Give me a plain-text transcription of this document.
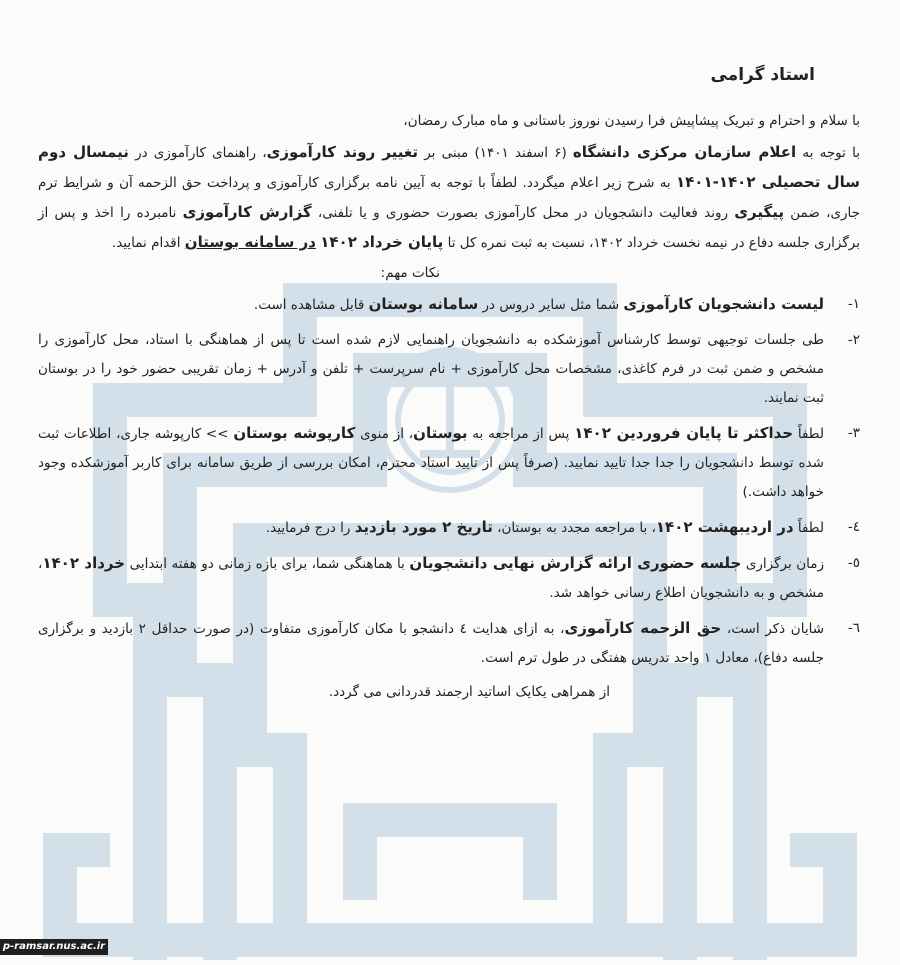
استاد گرامی

با سلام و احترام و تبریک پیشاپیش فرا رسیدن نوروز باستانی و ماه مبارک رمضان،

با توجه به اعلام سازمان مرکزی دانشگاه (۶ اسفند ۱۴۰۱) مبنی بر تغییر روند کارآموزی، راهنمای کارآموزی در نیمسال دوم سال تحصیلی ۱۴۰۲-۱۴۰۱ به شرح زیر اعلام میگردد. لطفاً با توجه به آیین نامه برگزاری کارآموزی و پرداخت حق الزحمه آن و شرایط ترم جاری، ضمن پیگیری روند فعالیت دانشجویان در محل کارآموزی بصورت حضوری و یا تلفنی، گزارش کارآموزی نامبرده را اخذ و پس از برگزاری جلسه دفاع در نیمه نخست خرداد ۱۴۰۲، نسبت به ثبت نمره کل تا پایان خرداد ۱۴۰۲ در سامانه بوستان اقدام نمایید.

نکات مهم:
۱-
لیست دانشجویان کارآموزی شما مثل سایر دروس در سامانه بوستان قابل مشاهده است.
۲-
طی جلسات توجیهی توسط کارشناس آموزشکده به دانشجویان راهنمایی لازم شده است تا پس از هماهنگی با استاد، محل کارآموزی را مشخص و ضمن ثبت در فرم کاغذی، مشخصات محل کارآموزی + نام سرپرست + تلفن و آدرس + زمان تقریبی حضور خود را در بوستان ثبت نمایند.
۳-
لطفاً حداکثر تا پایان فروردین ۱۴۰۲ پس از مراجعه به بوستان، از منوی کارپوشه بوستان >> کارپوشه جاری، اطلاعات ثبت شده توسط دانشجویان را جدا جدا تایید نمایید. (صرفاً پس از تایید استاد محترم، امکان بررسی از طریق سامانه برای کاربر آموزشکده وجود خواهد داشت.)
٤-
لطفاً در اردیبهشت ۱۴۰۲، با مراجعه مجدد به بوستان، تاریخ ۲ مورد بازدید را درج فرمایید.
٥-
زمان برگزاری جلسه حضوری ارائه گزارش نهایی دانشجویان با هماهنگی شما، برای بازه زمانی دو هفته ابتدایی خرداد ۱۴۰۲، مشخص و به دانشجویان اطلاع رسانی خواهد شد.
٦-
شایان ذکر است، حق الزحمه کارآموزی، به ازای هدایت ٤ دانشجو با مکان کارآموزی متفاوت (در صورت حداقل ۲ بازدید و برگزاری جلسه دفاع)، معادل ۱ واحد تدریس هفتگی در طول ترم است.
از همراهی یکایک اساتید ارجمند قدردانی می گردد.
p-ramsar.nus.ac.ir
